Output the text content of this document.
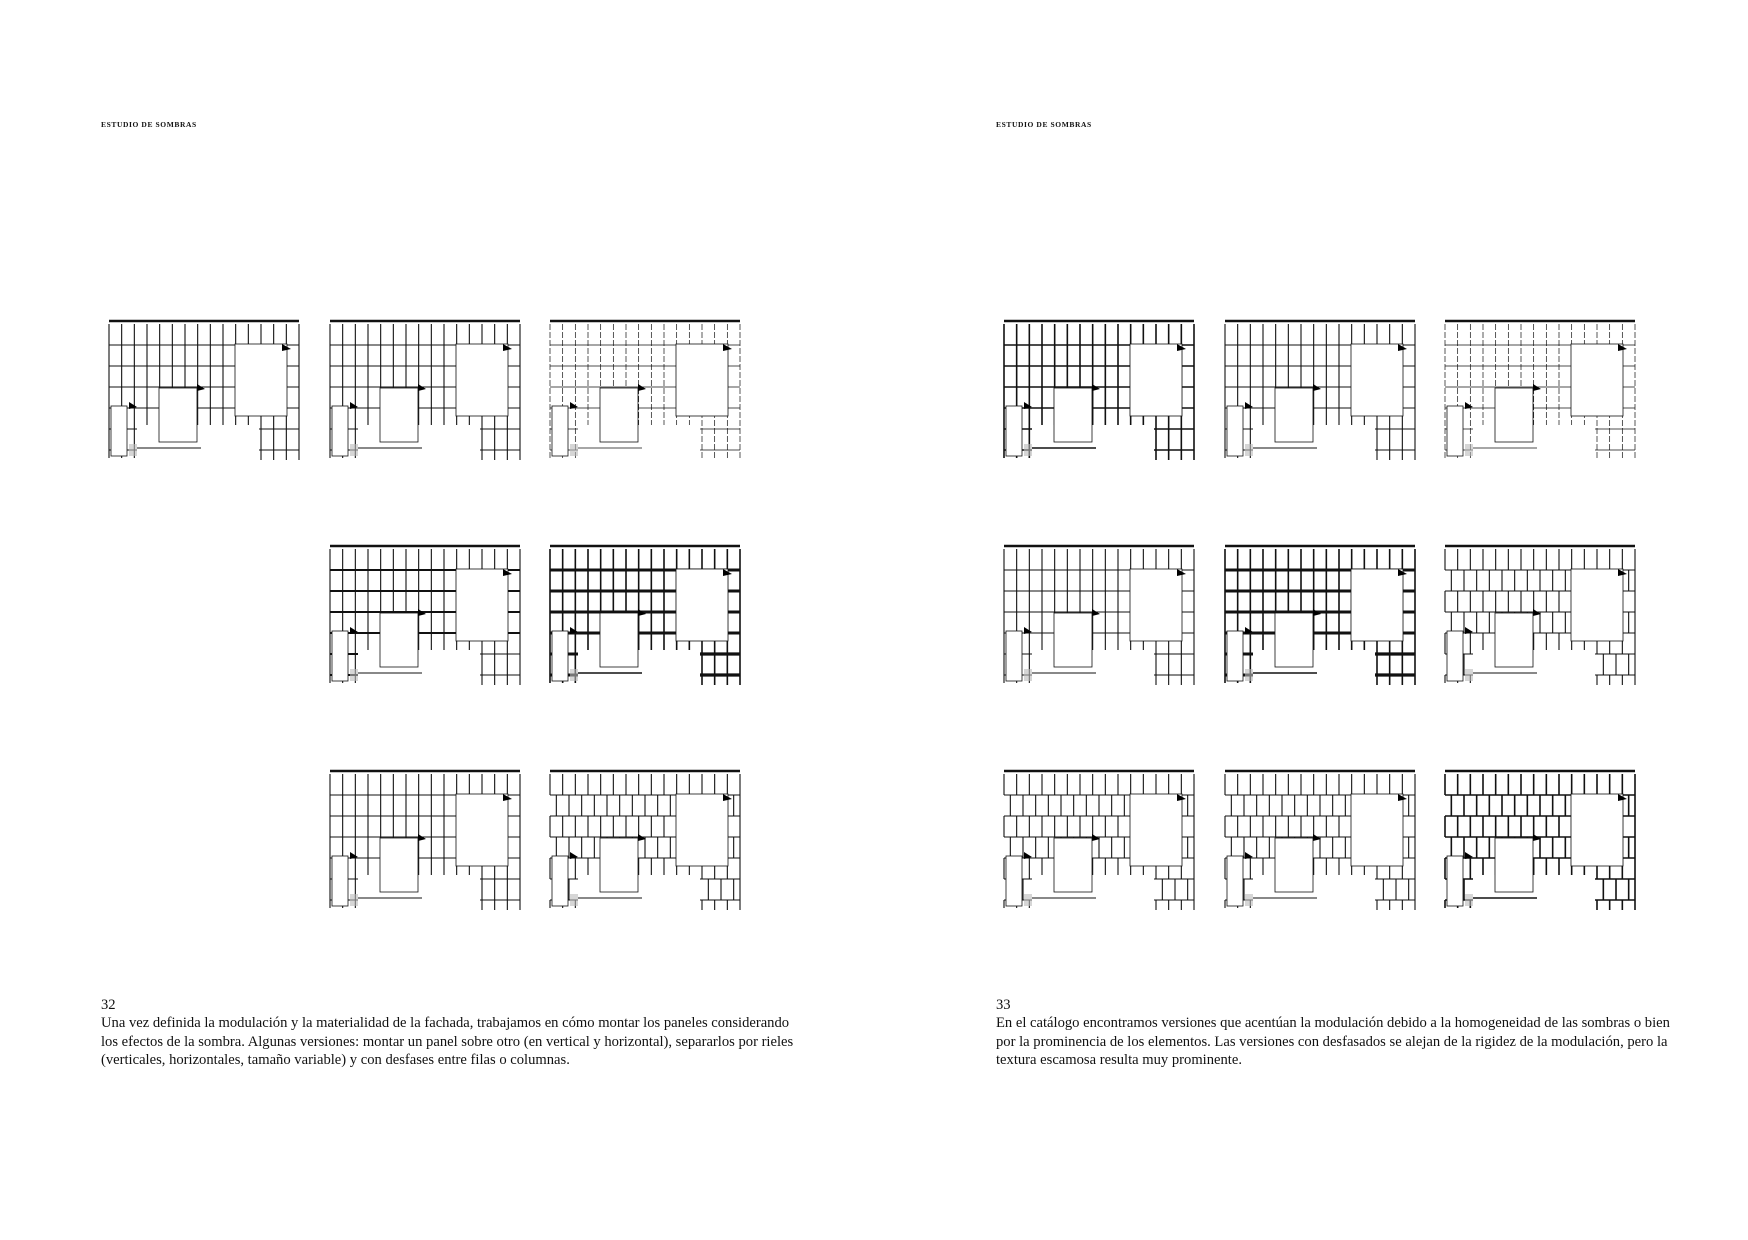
ESTUDIO DE SOMBRAS
32
Una vez definida la modulación y la materialidad de la fachada, trabajamos en cómo montar los paneles considerando los efectos de la sombra. Algunas versiones: montar un panel sobre otro (en vertical y horizontal), separarlos por rieles (verticales, horizontales, tamaño variable) y con desfases entre filas o columnas.
ESTUDIO DE SOMBRAS
33
En el catálogo encontramos versiones que acentúan la modulación debido a la homogeneidad de las sombras o bien por la prominencia de los elementos. Las versiones con desfasados se alejan de la rigidez de la modulación, pero la textura escamosa resulta muy prominente.
